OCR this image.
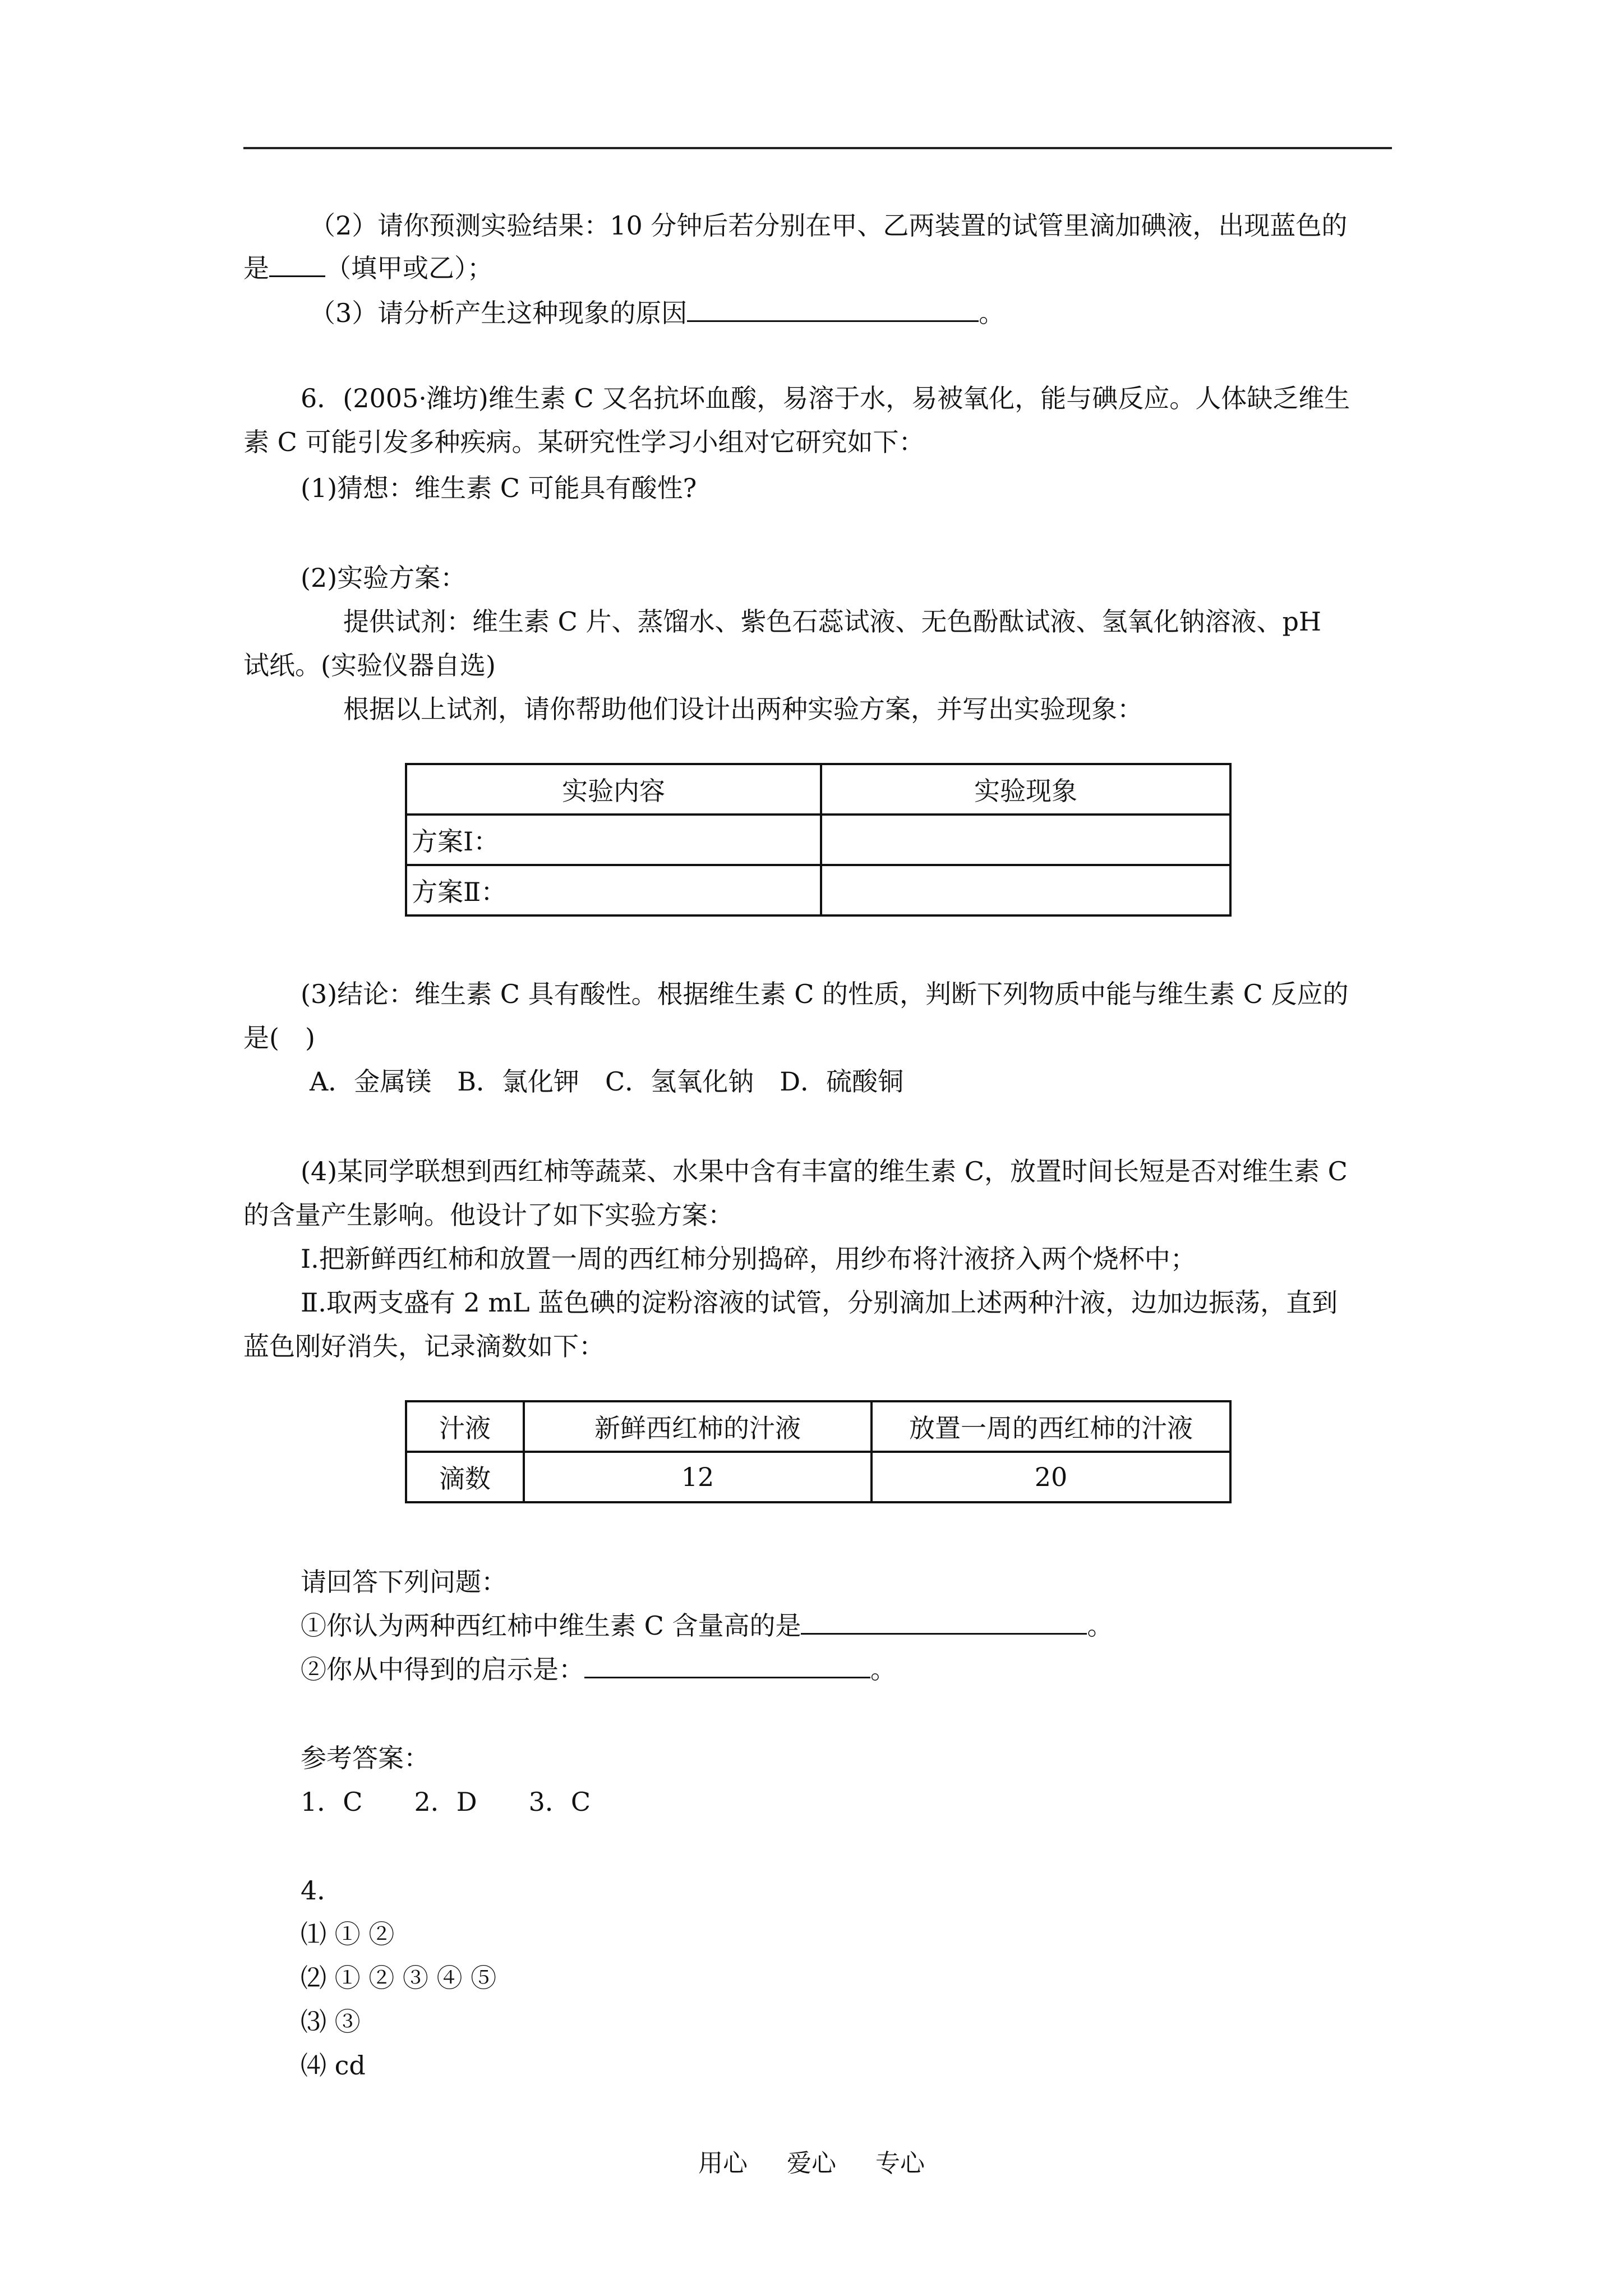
（2）请你预测实验结果：10 分钟后若分别在甲、乙两装置的试管里滴加碘液，出现蓝色的
是 （填甲或乙）；
（3）请分析产生这种现象的原因	。
6．(2005·潍坊)维生素 C 又名抗坏血酸，易溶于水，易被氧化，能与碘反应。人体缺乏维生
素 C 可能引发多种疾病。某研究性学习小组对它研究如下：
(1)猜想：维生素 C 可能具有酸性?
(2)实验方案：
提供试剂：维生素 C 片、蒸馏水、紫色石蕊试液、无色酚酞试液、氢氧化钠溶液、pH
试纸。(实验仪器自选)
根据以上试剂，请你帮助他们设计出两种实验方案，并写出实验现象：
实验内容	实验现象
方案Ⅰ：	
方案Ⅱ：	
(3)结论：维生素 C 具有酸性。根据维生素 C 的性质，判断下列物质中能与维生素 C 反应的
是(　)
A．金属镁　B．氯化钾　C．氢氧化钠　D．硫酸铜
(4)某同学联想到西红柿等蔬菜、水果中含有丰富的维生素 C，放置时间长短是否对维生素 C
的含量产生影响。他设计了如下实验方案：
Ⅰ.把新鲜西红柿和放置一周的西红柿分别捣碎，用纱布将汁液挤入两个烧杯中；
Ⅱ.取两支盛有 2 mL 蓝色碘的淀粉溶液的试管，分别滴加上述两种汁液，边加边振荡，直到
蓝色刚好消失，记录滴数如下：
汁液	新鲜西红柿的汁液	放置一周的西红柿的汁液
滴数	12	20
请回答下列问题：
①你认为两种西红柿中维生素 C 含量高的是	。
②你从中得到的启示是：	。
参考答案：
1．C　　2．D　　3．C
4．
⑴ ① ②
⑵ ① ② ③ ④ ⑤
⑶ ③
⑷ cd
用心 爱心 专心
